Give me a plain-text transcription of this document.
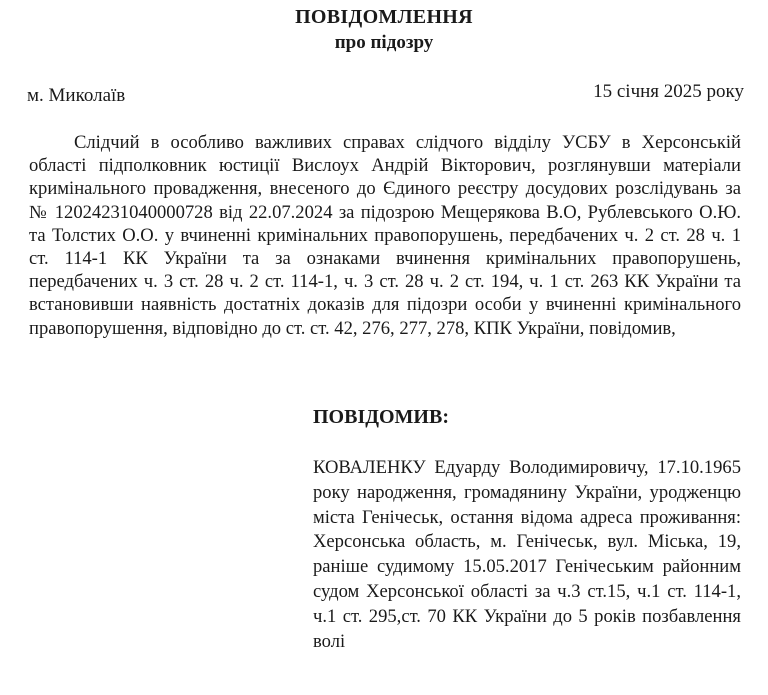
ПОВІДОМЛЕННЯ
про підозру
м. Миколаїв	15 січня 2025 року

Слідчий в особливо важливих справах слідчого відділу УСБУ в Херсонській області підполковник юстиції Вислоух Андрій Вікторович, розглянувши матеріали кримінального провадження, внесеного до Єдиного реєстру досудових розслідувань за № 12024231040000728 від 22.07.2024 за підозрою Мещерякова В.О, Рублевського О.Ю. та Толстих О.О. у вчиненні кримінальних правопорушень, передбачених ч. 2 ст. 28 ч. 1 ст. 114-1 КК України та за ознаками вчинення кримінальних правопорушень, передбачених ч. 3 ст. 28 ч. 2 ст. 114-1, ч. 3 ст. 28 ч. 2 ст. 194, ч. 1 ст. 263 КК України та встановивши наявність достатніх доказів для підозри особи у вчиненні кримінального правопорушення, відповідно до ст. ст. 42, 276, 277, 278, КПК України, повідомив,

ПОВІДОМИВ:

КОВАЛЕНКУ Едуарду Володимировичу, 17.10.1965 року народження, громадянину України, уродженцю міста Генічеськ, остання відома адреса проживання: Херсонська область, м. Генічеськ, вул. Міська, 19, раніше судимому 15.05.2017 Генічеським районним судом Херсонської області за ч.3 ст.15, ч.1 ст. 114-1, ч.1 ст. 295,ст. 70 КК України до 5 років позбавлення волі
